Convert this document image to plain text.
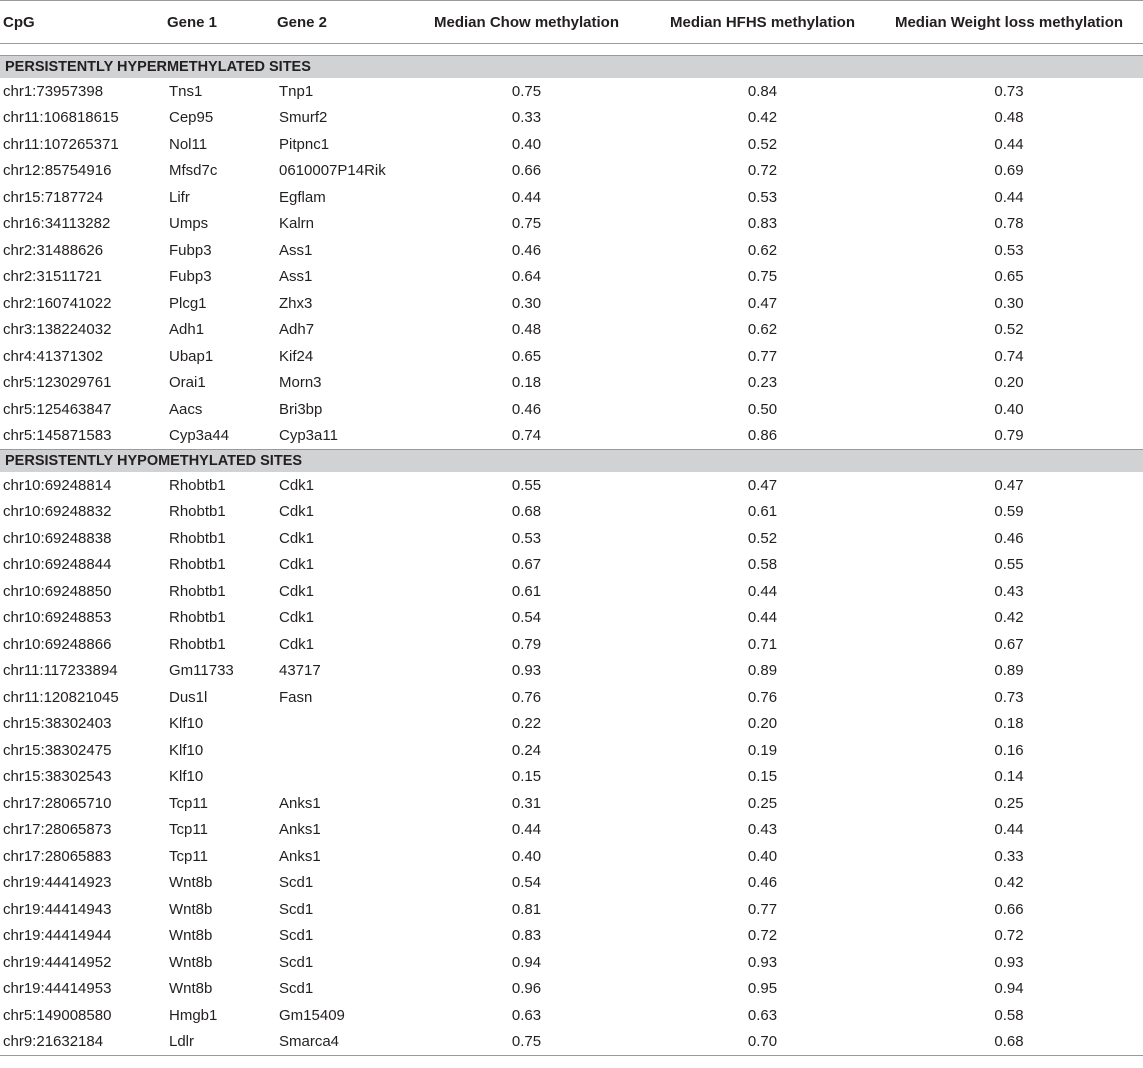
CpG	Gene 1	Gene 2	Median Chow methylation	Median HFHS methylation	Median Weight loss methylation

PERSISTENTLY HYPERMETHYLATED SITES					
chr1:73957398	Tns1	Tnp1	0.75	0.84	0.73
chr11:106818615	Cep95	Smurf2	0.33	0.42	0.48
chr11:107265371	Nol11	Pitpnc1	0.40	0.52	0.44
chr12:85754916	Mfsd7c	0610007P14Rik	0.66	0.72	0.69
chr15:7187724	Lifr	Egflam	0.44	0.53	0.44
chr16:34113282	Umps	Kalrn	0.75	0.83	0.78
chr2:31488626	Fubp3	Ass1	0.46	0.62	0.53
chr2:31511721	Fubp3	Ass1	0.64	0.75	0.65
chr2:160741022	Plcg1	Zhx3	0.30	0.47	0.30
chr3:138224032	Adh1	Adh7	0.48	0.62	0.52
chr4:41371302	Ubap1	Kif24	0.65	0.77	0.74
chr5:123029761	Orai1	Morn3	0.18	0.23	0.20
chr5:125463847	Aacs	Bri3bp	0.46	0.50	0.40
chr5:145871583	Cyp3a44	Cyp3a11	0.74	0.86	0.79
PERSISTENTLY HYPOMETHYLATED SITES					
chr10:69248814	Rhobtb1	Cdk1	0.55	0.47	0.47
chr10:69248832	Rhobtb1	Cdk1	0.68	0.61	0.59
chr10:69248838	Rhobtb1	Cdk1	0.53	0.52	0.46
chr10:69248844	Rhobtb1	Cdk1	0.67	0.58	0.55
chr10:69248850	Rhobtb1	Cdk1	0.61	0.44	0.43
chr10:69248853	Rhobtb1	Cdk1	0.54	0.44	0.42
chr10:69248866	Rhobtb1	Cdk1	0.79	0.71	0.67
chr11:117233894	Gm11733	43717	0.93	0.89	0.89
chr11:120821045	Dus1l	Fasn	0.76	0.76	0.73
chr15:38302403	Klf10		0.22	0.20	0.18
chr15:38302475	Klf10		0.24	0.19	0.16
chr15:38302543	Klf10		0.15	0.15	0.14
chr17:28065710	Tcp11	Anks1	0.31	0.25	0.25
chr17:28065873	Tcp11	Anks1	0.44	0.43	0.44
chr17:28065883	Tcp11	Anks1	0.40	0.40	0.33
chr19:44414923	Wnt8b	Scd1	0.54	0.46	0.42
chr19:44414943	Wnt8b	Scd1	0.81	0.77	0.66
chr19:44414944	Wnt8b	Scd1	0.83	0.72	0.72
chr19:44414952	Wnt8b	Scd1	0.94	0.93	0.93
chr19:44414953	Wnt8b	Scd1	0.96	0.95	0.94
chr5:149008580	Hmgb1	Gm15409	0.63	0.63	0.58
chr9:21632184	Ldlr	Smarca4	0.75	0.70	0.68
